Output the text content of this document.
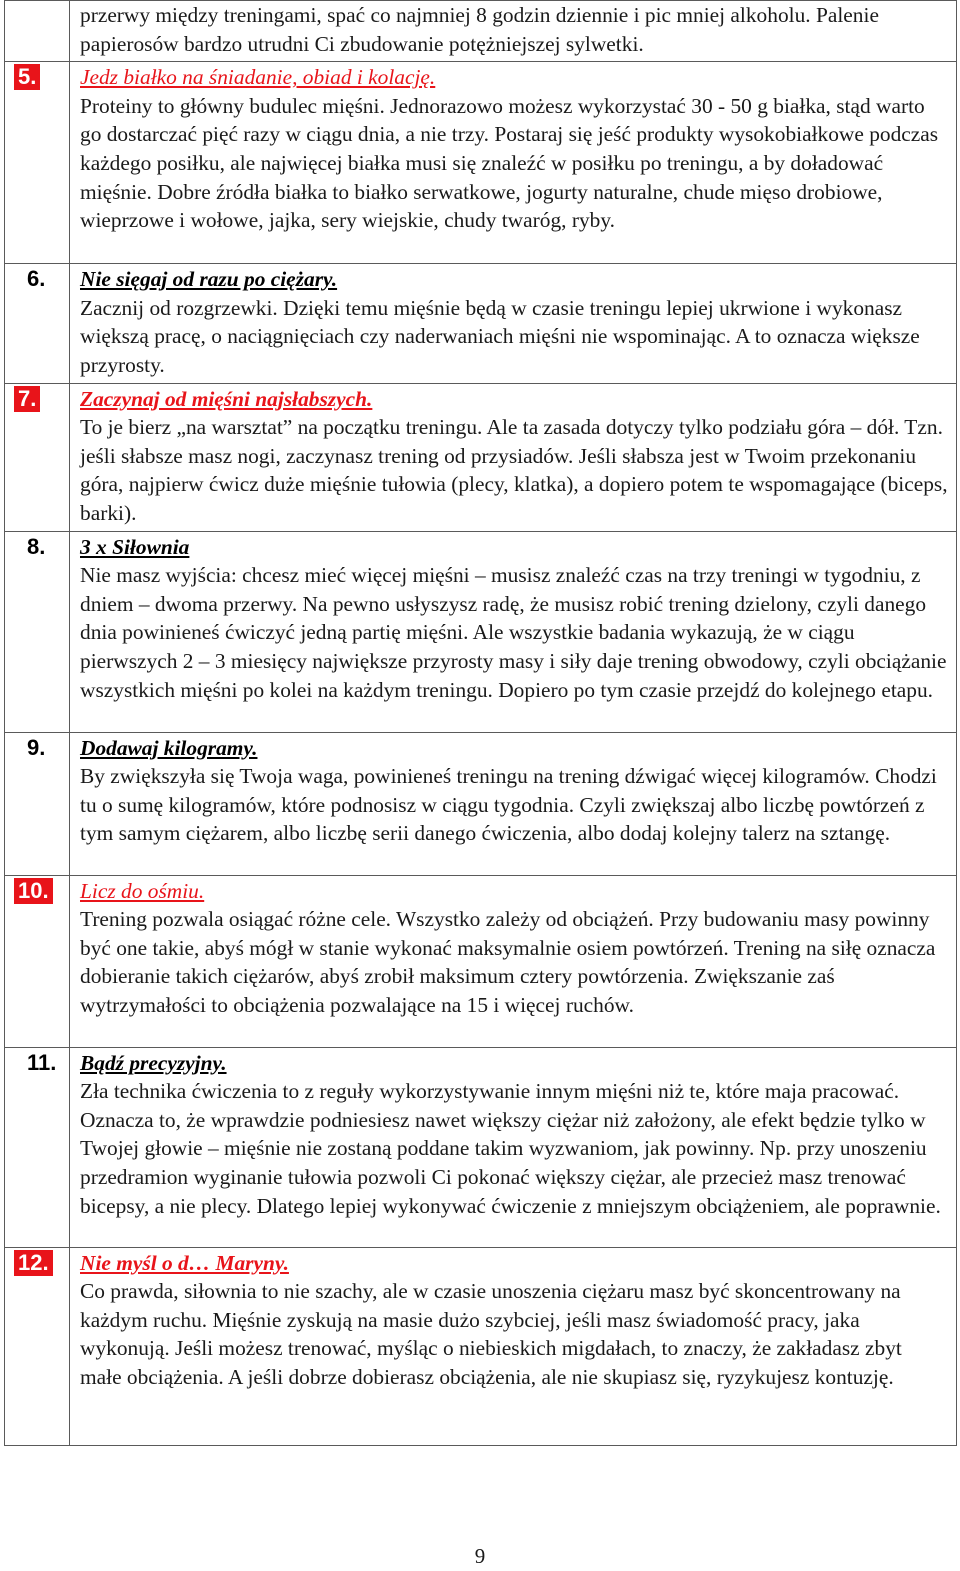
	przerwy między treningami, spać co najmniej 8 godzin dziennie i pic mniej alkoholu. Palenie papierosów bardzo utrudni Ci zbudowanie potężniejszej sylwetki.

5.	Jedz białko na śniadanie, obiad i kolację.
Proteiny to główny budulec mięśni. Jednorazowo możesz wykorzystać 30 - 50 g białka, stąd warto go dostarczać pięć razy w ciągu dnia, a nie trzy. Postaraj się jeść produkty wysokobiałkowe podczas każdego posiłku, ale najwięcej białka musi się znaleźć w posiłku po treningu, a by doładować mięśnie. Dobre źródła białka to białko serwatkowe, jogurty naturalne, chude mięso drobiowe, wieprzowe i wołowe, jajka, sery wiejskie, chudy twaróg, ryby.

6.	Nie sięgaj od razu po ciężary.
Zacznij od rozgrzewki. Dzięki temu mięśnie będą w czasie treningu lepiej ukrwione i wykonasz większą pracę, o naciągnięciach czy naderwaniach mięśni nie wspominając. A to oznacza większe przyrosty.

7.	Zaczynaj od mięśni najsłabszych.
To je bierz „na warsztat” na początku treningu. Ale ta zasada dotyczy tylko podziału góra – dół. Tzn. jeśli słabsze masz nogi, zaczynasz trening od przysiadów. Jeśli słabsza jest w Twoim przekonaniu góra, najpierw ćwicz duże mięśnie tułowia (plecy, klatka), a dopiero potem te wspomagające (biceps, barki).

8.	3 x Siłownia
Nie masz wyjścia: chcesz mieć więcej mięśni – musisz znaleźć czas na trzy treningi w tygodniu, z dniem – dwoma przerwy. Na pewno usłyszysz radę, że musisz robić trening dzielony, czyli danego dnia powinieneś ćwiczyć jedną partię mięśni. Ale wszystkie badania wykazują, że w ciągu pierwszych 2 – 3 miesięcy największe przyrosty masy i siły daje trening obwodowy, czyli obciążanie wszystkich mięśni po kolei na każdym treningu. Dopiero po tym czasie przejdź do kolejnego etapu.

9.	Dodawaj kilogramy.
By zwiększyła się Twoja waga, powinieneś treningu na trening dźwigać więcej kilogramów. Chodzi tu o sumę kilogramów, które podnosisz w ciągu tygodnia. Czyli zwiększaj albo liczbę powtórzeń z tym samym ciężarem, albo liczbę serii danego ćwiczenia, albo dodaj kolejny talerz na sztangę.

10.	Licz do ośmiu.
Trening pozwala osiągać różne cele. Wszystko zależy od obciążeń. Przy budowaniu masy powinny być one takie, abyś mógł w stanie wykonać maksymalnie osiem powtórzeń. Trening na siłę oznacza dobieranie takich ciężarów, abyś zrobił maksimum cztery powtórzenia. Zwiększanie zaś wytrzymałości to obciążenia pozwalające na 15 i więcej ruchów.

11.	Bądź precyzyjny.
Zła technika ćwiczenia to z reguły wykorzystywanie innym mięśni niż te, które maja pracować. Oznacza to, że wprawdzie podniesiesz nawet większy ciężar niż założony, ale efekt będzie tylko w Twojej głowie – mięśnie nie zostaną poddane takim wyzwaniom, jak powinny. Np. przy unoszeniu przedramion wyginanie tułowia pozwoli Ci pokonać większy ciężar, ale przecież masz trenować bicepsy, a nie plecy. Dlatego lepiej wykonywać ćwiczenie z mniejszym obciążeniem, ale poprawnie.

12.	Nie myśl o d… Maryny.
Co prawda, siłownia to nie szachy, ale w czasie unoszenia ciężaru masz być skoncentrowany na każdym ruchu. Mięśnie zyskują na masie dużo szybciej, jeśli masz świadomość pracy, jaka wykonują. Jeśli możesz trenować, myśląc o niebieskich migdałach, to znaczy, że zakładasz zbyt małe obciążenia. A jeśli dobrze dobierasz obciążenia, ale nie skupiasz się, ryzykujesz kontuzję.
9
